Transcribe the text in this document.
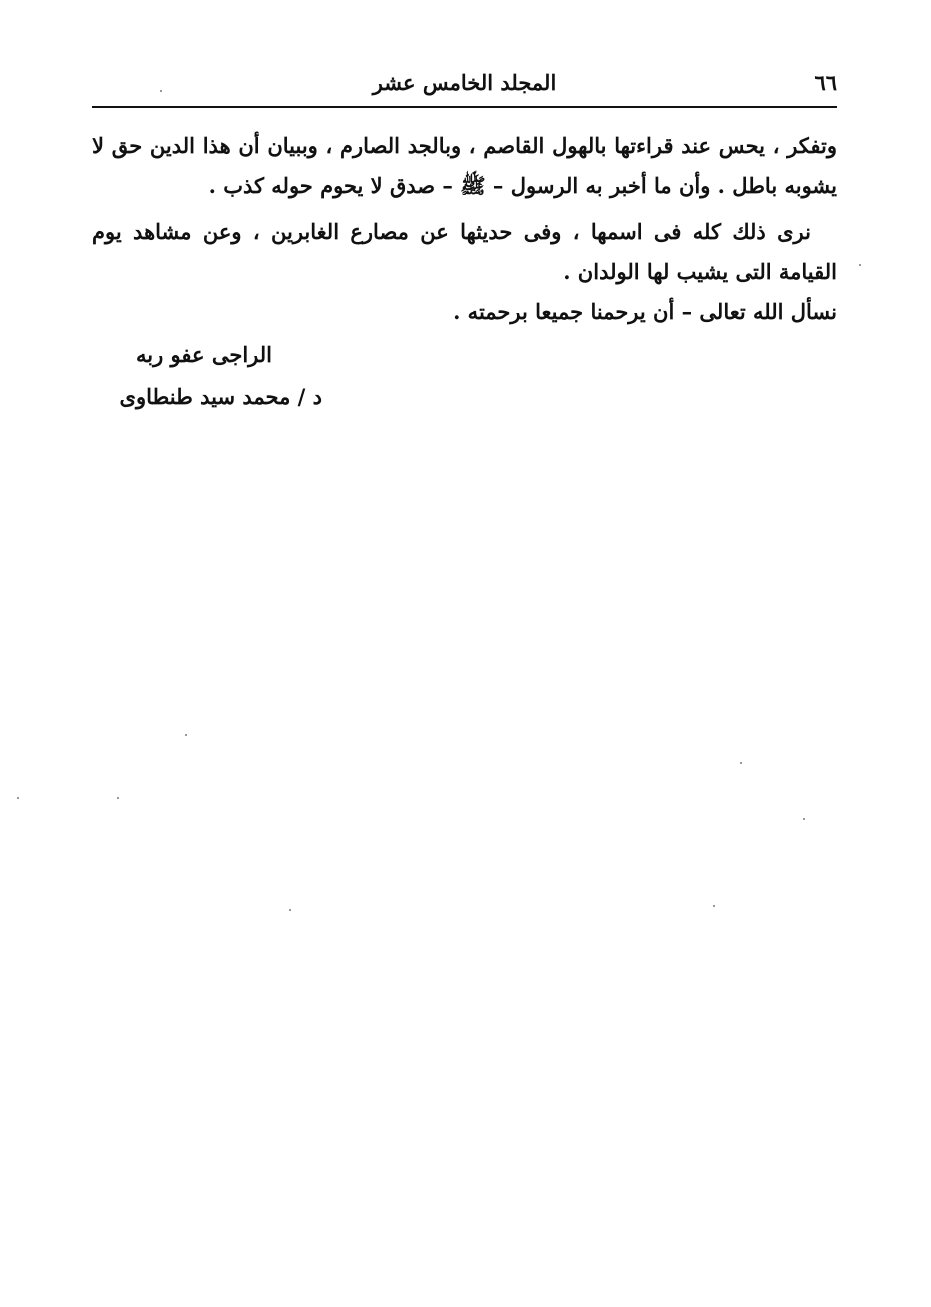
٦٦
المجلد الخامس عشر

وتفكر ، يحس عند قراءتها بالهول القاصم ، وبالجد الصارم ، وببيان أن هذا الدين حق لا يشوبه باطل . وأن ما أخبر به الرسول – ﷺ – صدق لا يحوم حوله كذب .

نرى ذلك كله فى اسمها ، وفى حديثها عن مصارع الغابرين ، وعن مشاهد يوم القيامة التى يشيب لها الولدان .

نسأل الله تعالى – أن يرحمنا جميعا برحمته .

الراجى عفو ربه
د / محمد سيد طنطاوى
